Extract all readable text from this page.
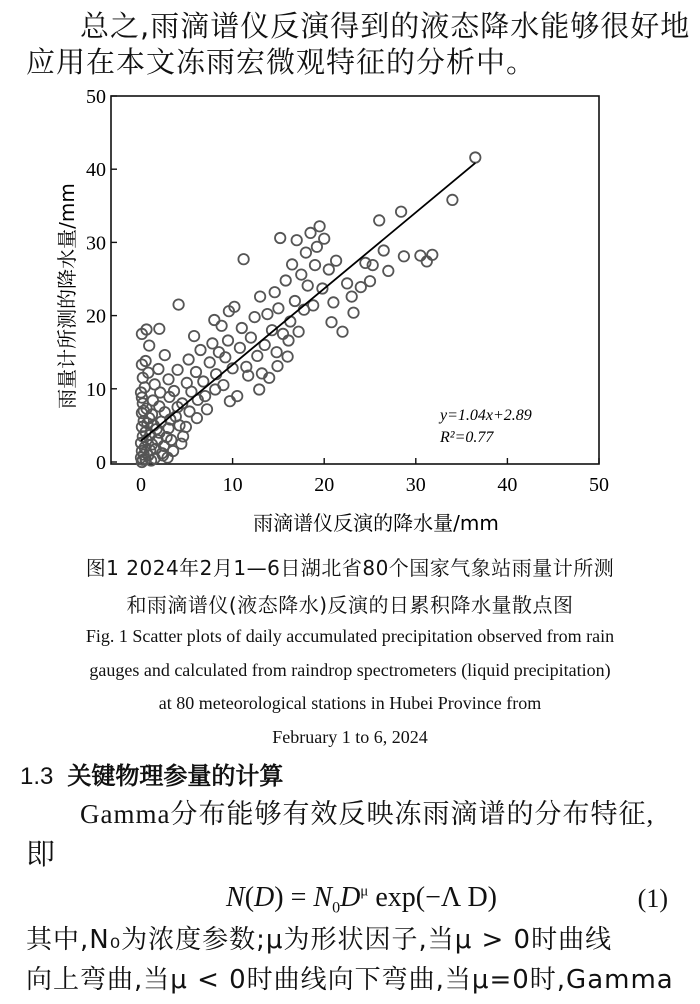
总之,雨滴谱仪反演得到的液态降水能够很好地
应用在本文冻雨宏微观特征的分析中。
0	10	20	30	40	50
0
10
20
30
40
50
y=1.04x+2.89
R²=0.77
雨滴谱仪反演的降水量/mm
雨量计所测的降水量/mm
图1 2024年2月1—6日湖北省80个国家气象站雨量计所测
和雨滴谱仪(液态降水)反演的日累积降水量散点图
Fig. 1 Scatter plots of daily accumulated precipitation observed from rain
gauges and calculated from raindrop spectrometers (liquid precipitation)
at 80 meteorological stations in Hubei Province from
February 1 to 6, 2024
1.3 关键物理参量的计算
Gamma分布能够有效反映冻雨滴谱的分布特征,
即
$N(D) = N_0D^\mu$ exp(−Λ D)	(1)
其中,N₀为浓度参数;μ为形状因子,当μ > 0时曲线
向上弯曲,当μ < 0时曲线向下弯曲,当μ=0时,Gamma
